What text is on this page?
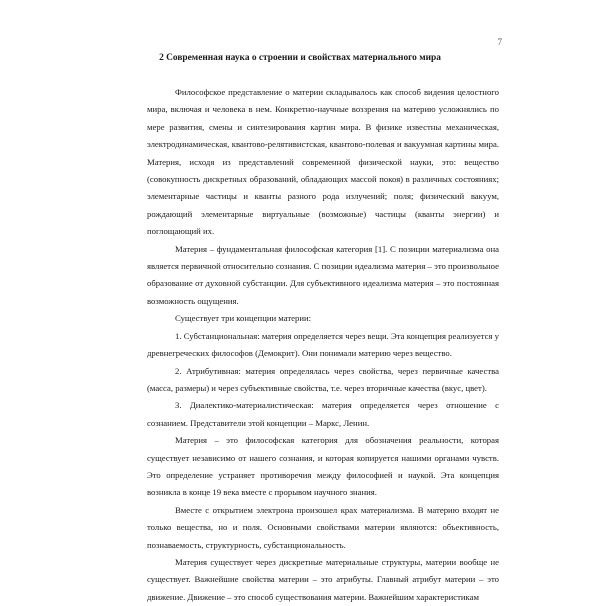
7
2 Современная наука о строении и свойствах материального мира

Философское представление о материи складывалось как способ видения целостного мира, включая и человека в нем. Конкретно-научные воззрения на материю усложнялись по мере развития, смены и синтезирования картин мира. В физике известны механическая, электродинамическая, квантово-релятивистская, квантово-полевая и вакуумная картины мира. Материя, исходя из представлений современной физической науки, это: вещество (совокупность дискретных образований, обладающих массой покоя) в различных состояниях; элементарные частицы и кванты разного рода излучений; поля; физический вакуум, рождающий элементарные виртуальные (возможные) частицы (кванты энергии) и поглощающий их.

Материя – фундаментальная философская категория [1]. С позиции материализма она является первичной относительно сознания. С позиции идеализма материя – это произвольное образование от духовной субстанции. Для субъективного идеализма материя – это постоянная возможность ощущения.

Существует три концепции материи:

1. Субстанциональная: материя определяется через вещи. Эта концепция реализуется у древнегреческих философов (Демокрит). Они понимали материю через вещество.

2. Атрибутивная: материя определялась через свойства, через первичные качества (масса, размеры) и через субъективные свойства, т.е. через вторичные качества (вкус, цвет).

3. Диалектико-материалистическая: материя определяется через отношение с сознанием. Представители этой концепции – Маркс, Ленин.

Материя – это философская категория для обозначения реальности, которая существует независимо от нашего сознания, и которая копируется нашими органами чувств. Это определение устраняет противоречия между философией и наукой. Эта концепция возникла в конце 19 века вместе с прорывом научного знания.

Вместе с открытием электрона произошел крах материализма. В материю входят не только вещества, но и поля. Основными свойствами материи являются: объективность, познаваемость, структурность, субстанциональность.

Материя существует через дискретные материальные структуры, материи вообще не существует. Важнейшие свойства материи – это атрибуты. Главный атрибут материи – это движение. Движение – это способ существования материи. Важнейшим характеристикам
